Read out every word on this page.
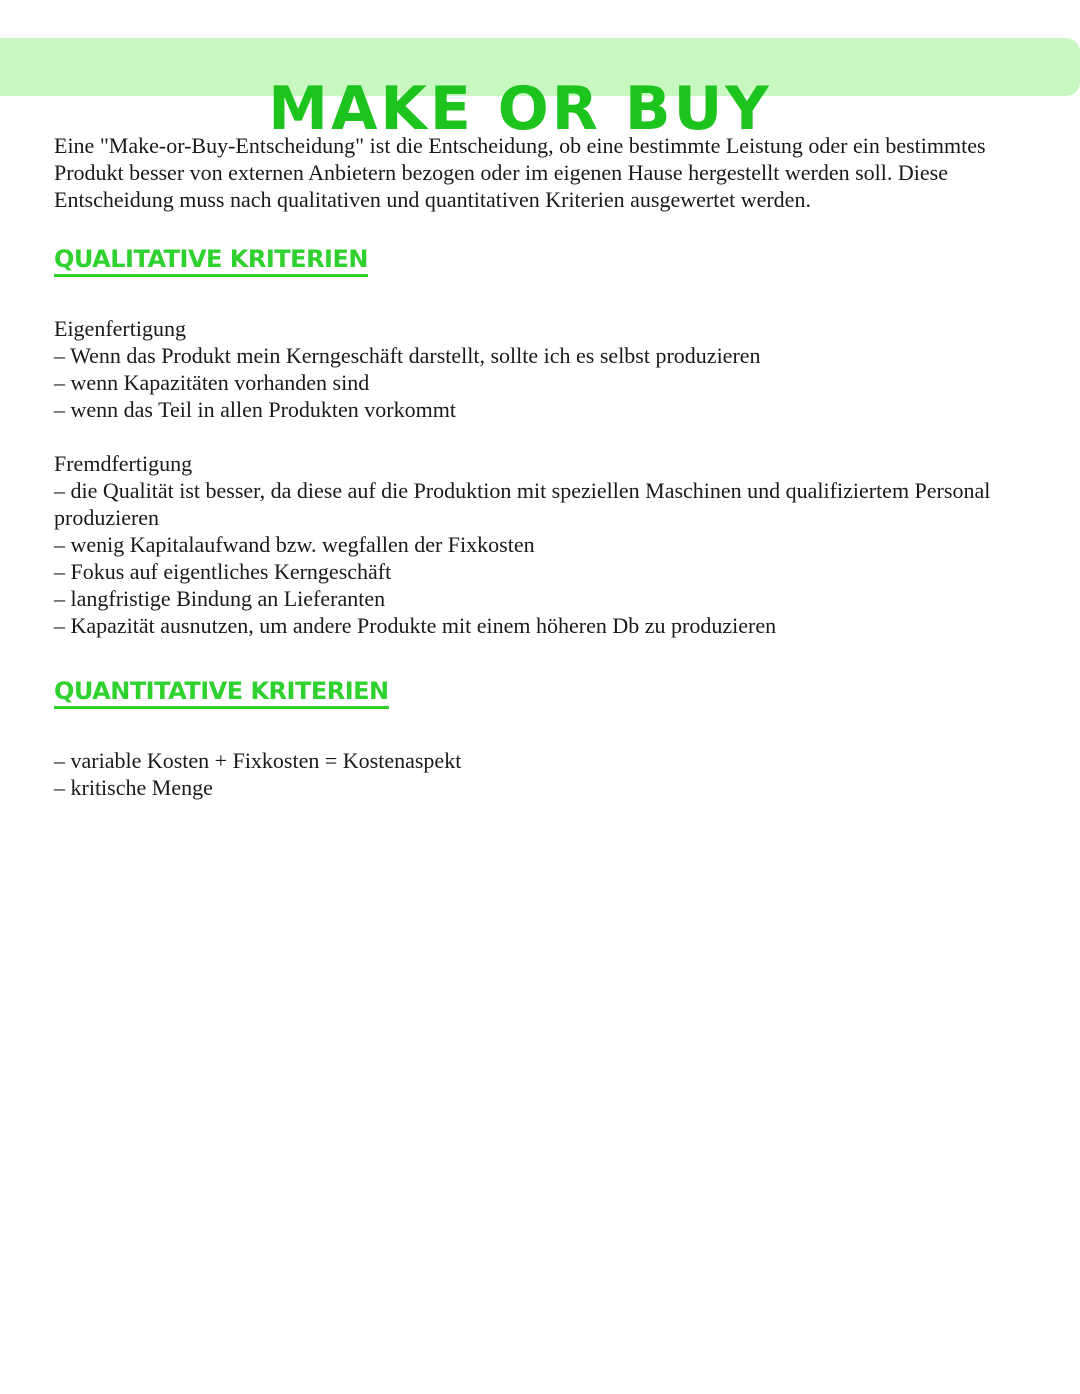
MAKE OR BUY

Eine "Make-or-Buy-Entscheidung" ist die Entscheidung, ob eine bestimmte Leistung oder ein bestimmtes Produkt besser von externen Anbietern bezogen oder im eigenen Hause hergestellt werden soll. Diese Entscheidung muss nach qualitativen und quantitativen Kriterien ausgewertet werden.

QUALITATIVE KRITERIEN
Eigenfertigung
– Wenn das Produkt mein Kerngeschäft darstellt, sollte ich es selbst produzieren
– wenn Kapazitäten vorhanden sind
– wenn das Teil in allen Produkten vorkommt
Fremdfertigung
– die Qualität ist besser, da diese auf die Produktion mit speziellen Maschinen und qualifiziertem Personal produzieren
– wenig Kapitalaufwand bzw. wegfallen der Fixkosten
– Fokus auf eigentliches Kerngeschäft
– langfristige Bindung an Lieferanten
– Kapazität ausnutzen, um andere Produkte mit einem höheren Db zu produzieren
QUANTITATIVE KRITERIEN
– variable Kosten + Fixkosten = Kostenaspekt
– kritische Menge
